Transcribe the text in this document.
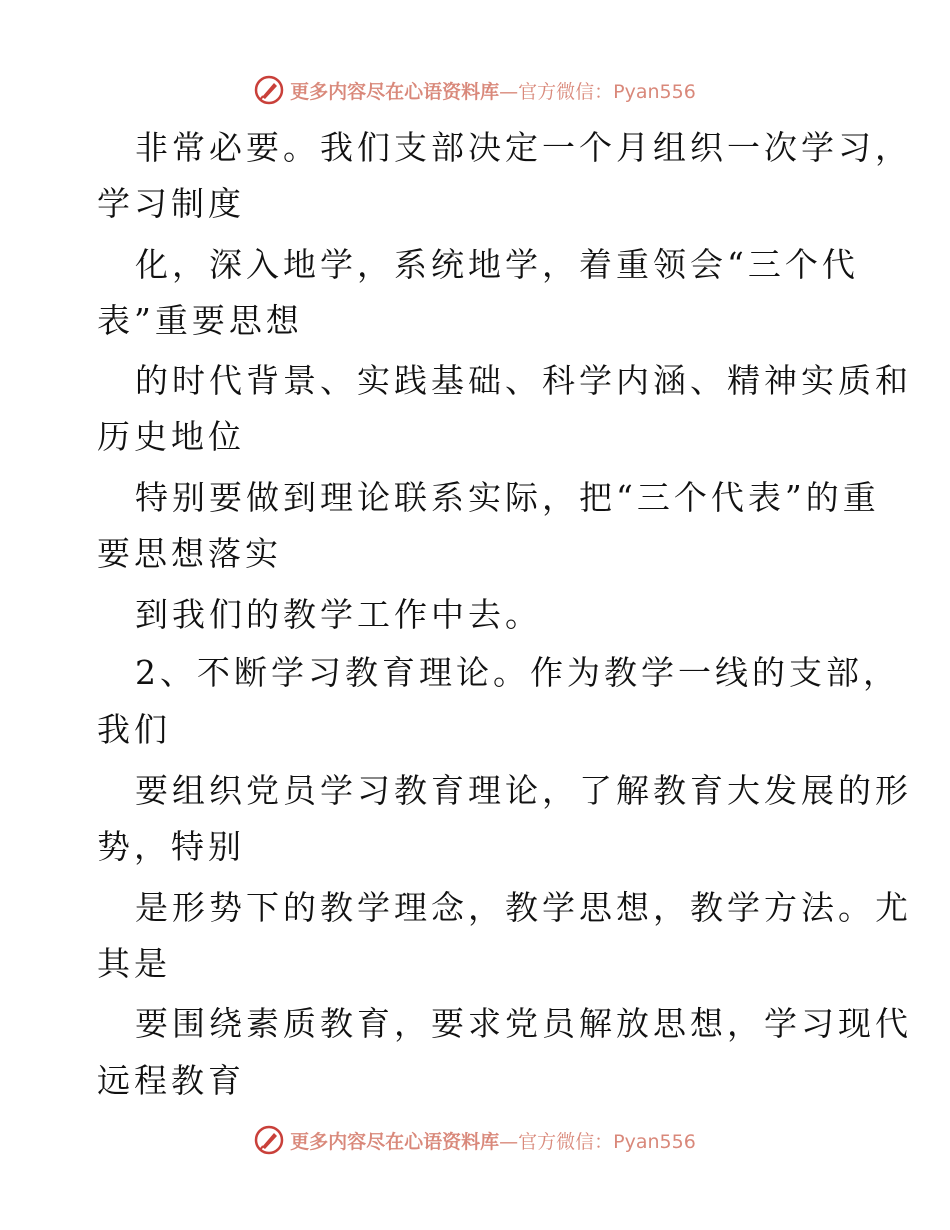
更多内容尽在心语资料库—官方微信：Pyan556
非常必要。我们支部决定一个月组织一次学习，
学习制度
化，深入地学，系统地学，着重领会“三个代
表”重要思想
的时代背景、实践基础、科学内涵、精神实质和
历史地位
特别要做到理论联系实际，把“三个代表”的重
要思想落实
到我们的教学工作中去。
2、不断学习教育理论。作为教学一线的支部，
我们
要组织党员学习教育理论，了解教育大发展的形
势，特别
是形势下的教学理念，教学思想，教学方法。尤
其是
要围绕素质教育，要求党员解放思想，学习现代
远程教育
更多内容尽在心语资料库—官方微信：Pyan556
